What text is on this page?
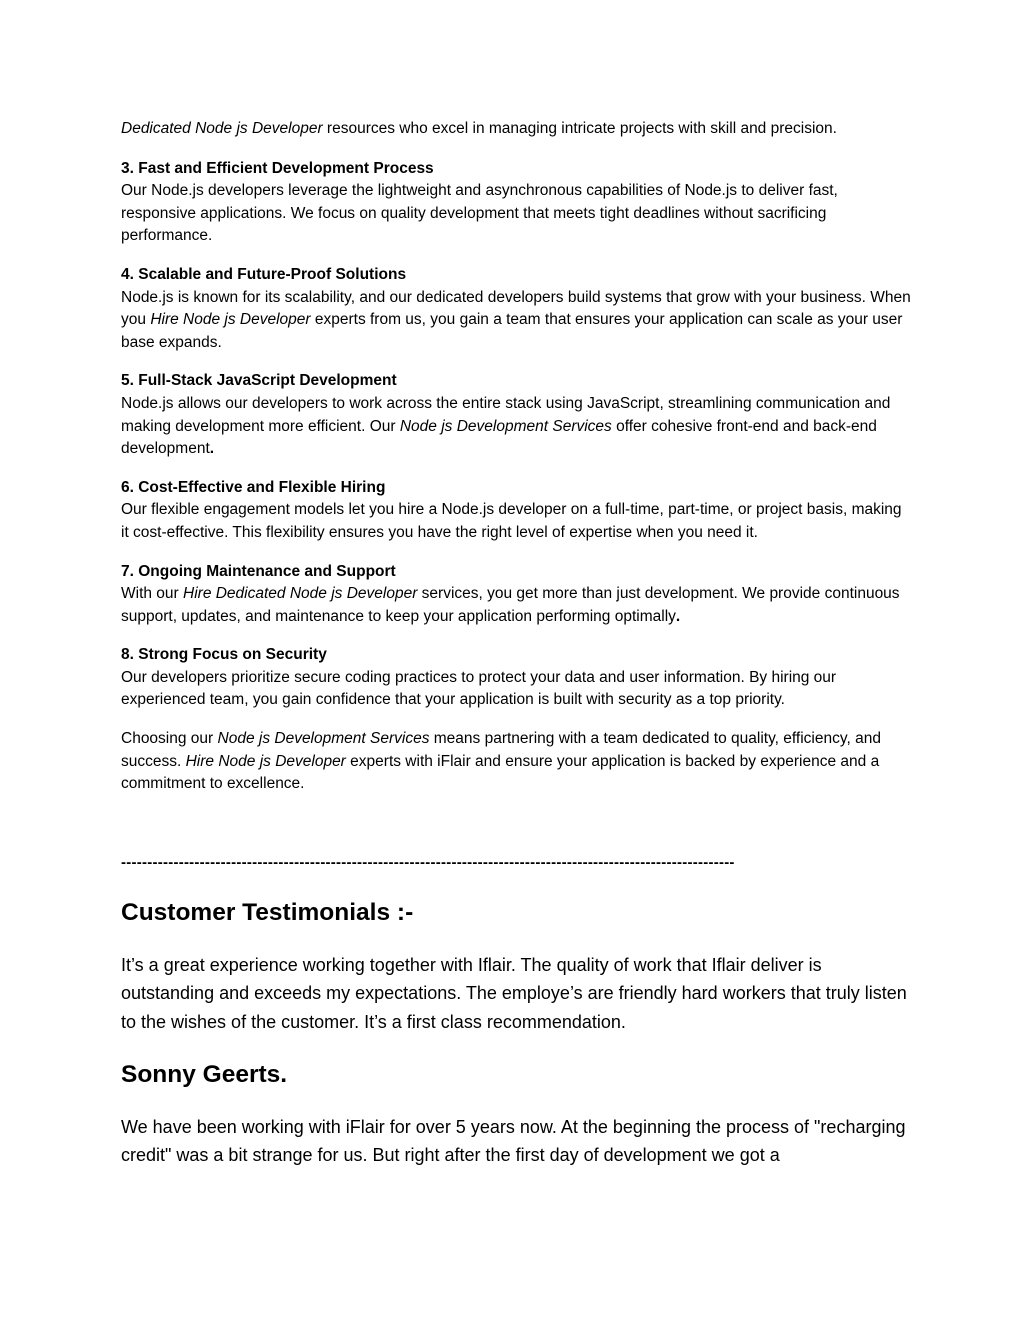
Dedicated Node js Developer resources who excel in managing intricate projects with skill and precision.

3. Fast and Efficient Development Process

Our Node.js developers leverage the lightweight and asynchronous capabilities of Node.js to deliver fast, responsive applications. We focus on quality development that meets tight deadlines without sacrificing performance.

4. Scalable and Future-Proof Solutions

Node.js is known for its scalability, and our dedicated developers build systems that grow with your business. When you Hire Node js Developer experts from us, you gain a team that ensures your application can scale as your user base expands.

5. Full-Stack JavaScript Development

Node.js allows our developers to work across the entire stack using JavaScript, streamlining communication and making development more efficient. Our Node js Development Services offer cohesive front-end and back-end development.

6. Cost-Effective and Flexible Hiring

Our flexible engagement models let you hire a Node.js developer on a full-time, part-time, or project basis, making it cost-effective. This flexibility ensures you have the right level of expertise when you need it.

7. Ongoing Maintenance and Support

With our Hire Dedicated Node js Developer services, you get more than just development. We provide continuous support, updates, and maintenance to keep your application performing optimally.

8. Strong Focus on Security

Our developers prioritize secure coding practices to protect your data and user information. By hiring our experienced team, you gain confidence that your application is built with security as a top priority.

Choosing our Node js Development Services means partnering with a team dedicated to quality, efficiency, and success. Hire Node js Developer experts with iFlair and ensure your application is backed by experience and a commitment to excellence.

---------------------------------------------------------------------------------------------------------------------
Customer Testimonials :-

It’s a great experience working together with Iflair. The quality of work that Iflair deliver is outstanding and exceeds my expectations. The employe’s are friendly hard workers that truly listen to the wishes of the customer. It’s a first class recommendation.

Sonny Geerts.

We have been working with iFlair for over 5 years now. At the beginning the process of "recharging credit" was a bit strange for us. But right after the first day of development we got a
